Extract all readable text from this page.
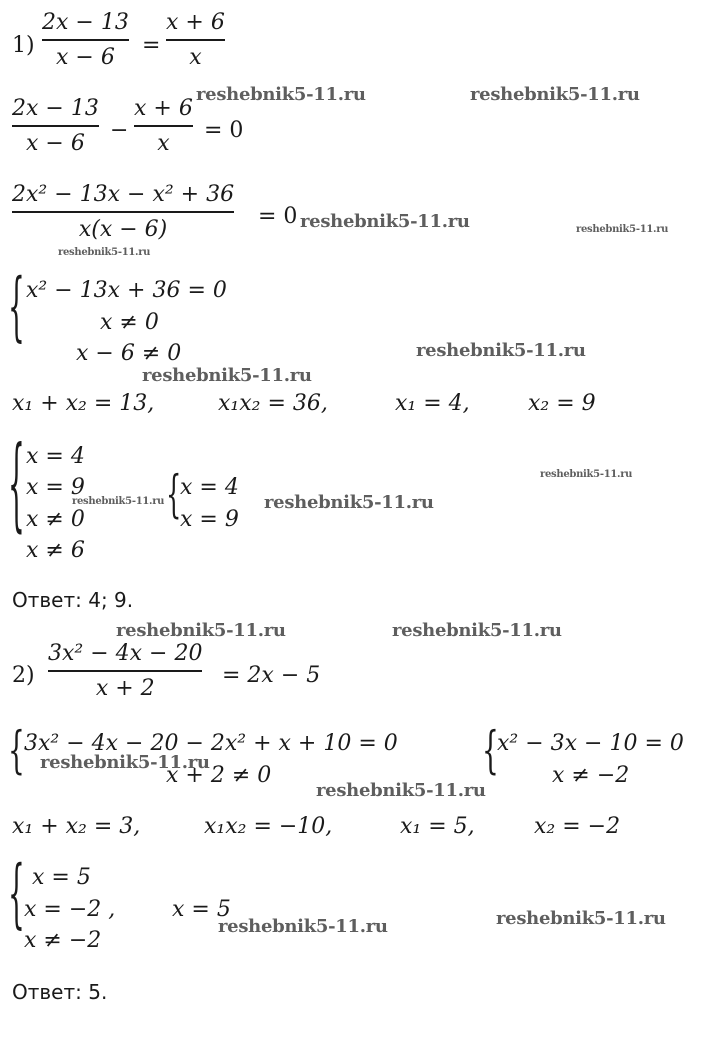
1)
2x − 13
x − 6	=
x + 6
x
2x − 13
x − 6
−
x + 6
x
= 0
2x² − 13x − x² + 36
x(x − 6)
= 0
{ x² − 13x + 36 = 0
x ≠ 0
x − 6 ≠ 0
x₁ + x₂ = 13,	x₁x₂ = 36,	x₁ = 4,	x₂ = 9
{ x = 4
x = 9
x ≠ 0
x ≠ 6
{
x = 4
x = 9
Ответ: 4; 9.
2)
3x² − 4x − 20
x + 2
= 2x − 5
{ 3x² − 4x − 20 − 2x² + x + 10 = 0
x + 2 ≠ 0	{
x² − 3x − 10 = 0
x ≠ −2
x₁ + x₂ = 3,	x₁x₂ = −10,	x₁ = 5,	x₂ = −2
{ x = 5
x = −2 ,
x ≠ −2
x = 5
Ответ: 5.
reshebnik5-11.ru	reshebnik5-11.ru
reshebnik5-11.ru	reshebnik5-11.ru
reshebnik5-11.ru
reshebnik5-11.ru
reshebnik5-11.ru
reshebnik5-11.ru
reshebnik5-11.ru	reshebnik5-11.ru
reshebnik5-11.ru	reshebnik5-11.ru
reshebnik5-11.ru
reshebnik5-11.ru
reshebnik5-11.ru
reshebnik5-11.ru
